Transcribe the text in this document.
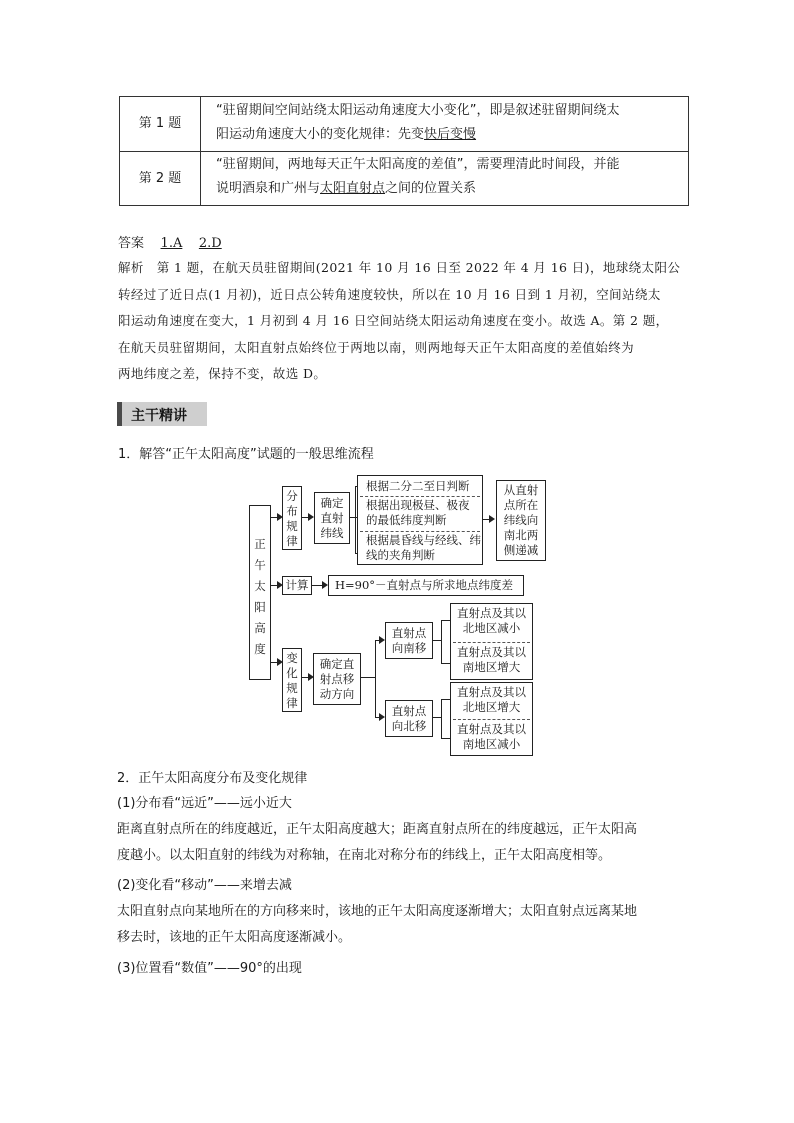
第 1 题
“驻留期间空间站绕太阳运动角速度大小变化”，即是叙述驻留期间绕太
阳运动角速度大小的变化规律：先变快后变慢
第 2 题
“驻留期间，两地每天正午太阳高度的差值”，需要理清此时间段，并能
说明酒泉和广州与太阳直射点之间的位置关系
答案 1.A 2.D
解析　第 1 题，在航天员驻留期间(2021 年 10 月 16 日至 2022 年 4 月 16 日)，地球绕太阳公
转经过了近日点(1 月初)，近日点公转角速度较快，所以在 10 月 16 日到 1 月初，空间站绕太
阳运动角速度在变大，1 月初到 4 月 16 日空间站绕太阳运动角速度在变小。故选 A。第 2 题，
在航天员驻留期间，太阳直射点始终位于两地以南，则两地每天正午太阳高度的差值始终为
两地纬度之差，保持不变，故选 D。
主干精讲
1．解答“正午太阳高度”试题的一般思维流程
正
午
太
阳
高
度
分
布
规
律
确定
直射
纬线
根据二分二至日判断
根据出现极昼、极夜
的最低纬度判断
根据晨昏线与经线、纬
线的夹角判断
从直射
点所在
纬线向
南北两
侧递减
计算	H=90°－直射点与所求地点纬度差
变
化
规
律
确定直
射点移
动方向
直射点
向南移
直射点
向北移
直射点及其以
北地区减小
直射点及其以
南地区增大
直射点及其以
北地区增大
直射点及其以
南地区减小
2．正午太阳高度分布及变化规律
(1)分布看“远近”——远小近大
距离直射点所在的纬度越近，正午太阳高度越大；距离直射点所在的纬度越远，正午太阳高
度越小。以太阳直射的纬线为对称轴，在南北对称分布的纬线上，正午太阳高度相等。
(2)变化看“移动”——来增去减
太阳直射点向某地所在的方向移来时，该地的正午太阳高度逐渐增大；太阳直射点远离某地
移去时，该地的正午太阳高度逐渐减小。
(3)位置看“数值”——90°的出现
